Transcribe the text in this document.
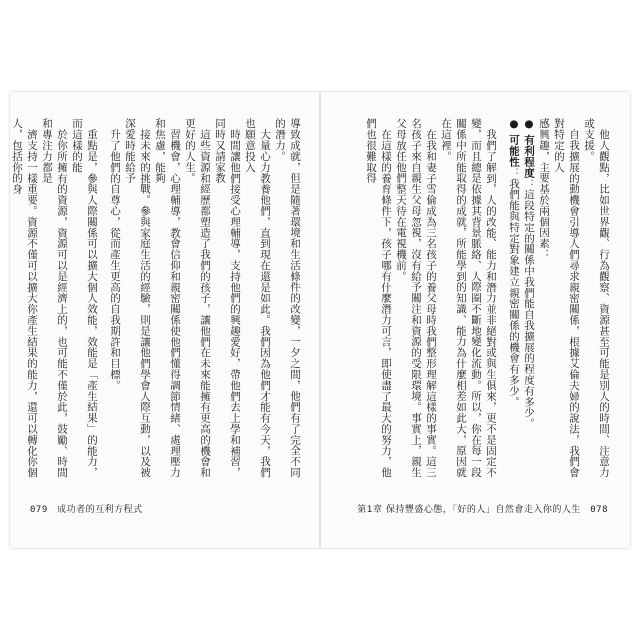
導致成就，但是隨著環境和生活條件的改變，一夕之間，他們有了完全不同的潛力。

大量心力教養他們，直到現在還是如此。我們因為他們才能有今天，我們也願意投入

時間讓他們接受心理輔導，支持他們的興趣愛好，帶他們去上學和補習，同時又請家教

這些資源和經歷都塑造了我們的孩子，讓他們在未來能擁有更高的機會和更好的人生。

習機會，心理輔導，教會信仰和親密關係使他們懂得調節情緒、處理壓力和焦慮，能夠

接未來的挑戰。參與家庭生活的經驗，則是讓他們學會人際互動，以及被深愛時能給予

升了他們的自尊心，從而產生更高的自我期許和目標。

重點是，參與人際關係可以擴大個人效能，效能是「產生結果」的能力，而這樣的能

於你所擁有的資源，資源可以是經濟上的，也可能不僅於此，鼓勵、時間和專注力都是

濟支持一樣重要。資源不僅可以擴大你產生結果的能力，還可以轉化你個人，包括你的身

079 成功者的互利方程式

他人觀點，比如世界觀、行為觀察、資源甚至可能是別人的時間、注意力或支援。

自我擴展的動機會引導人們尋求親密關係，根據艾倫夫婦的說法，我們會對特定的人

感興趣，主要基於兩個因素：

● 有利程度：這段特定的關係中我們能自我擴展的程度有多少。

● 可能性：我們能與特定對象建立親密關係的機會有多少。

我們了解到，人的改能、能力和潛力並非絕對或與生俱來，更不是固定不變，而且總是依據其背景脈絡、人際圈不斷地變化流動。所以，你在每一段關係中所能取得的成就，所能學到的知識、能力為什麼相差如此大，原因就在這裡。

在我和妻子雪倫成為三名孩子的養父母時我們整形理解這樣的事實。這三名孩子來自親生父母忽視，沒有給予關注和資源的受限環境。事實上，親生父母放任他們整天待在電視機前。

在這樣的養育條件下，孩子哪有什麼潛力可言，即使盡了最大的努力，他們也很難取得

第1章 保持豐盛心態，「好的人」自然會走入你的人生 078
